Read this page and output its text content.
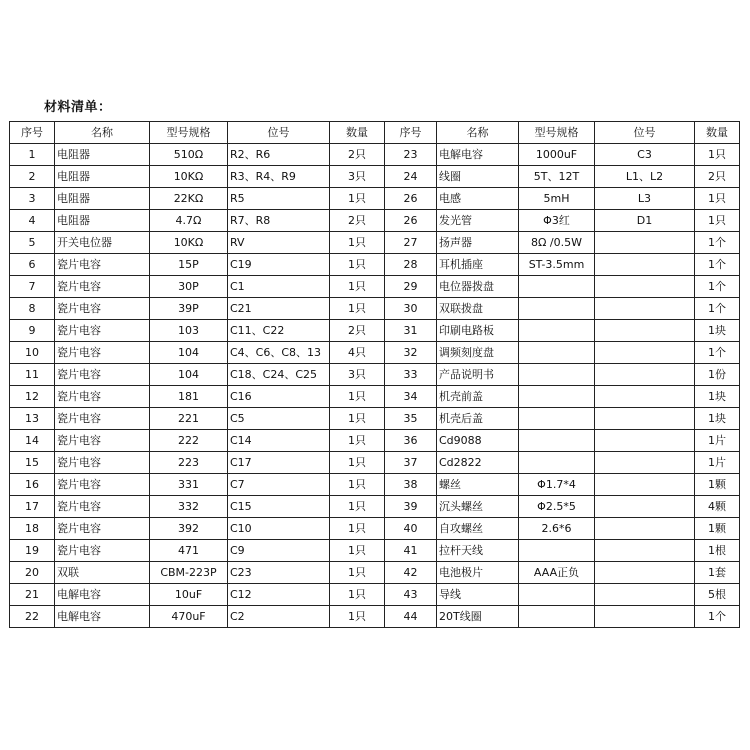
材料清单：
序号	名称	型号规格	位号	数量	序号	名称	型号规格	位号	数量
1	电阻器	510Ω	R2、R6	2只	23	电解电容	1000uF	C3	1只
2	电阻器	10KΩ	R3、R4、R9	3只	24	线圈	5T、12T	L1、L2	2只
3	电阻器	22KΩ	R5	1只	26	电感	5mH	L3	1只
4	电阻器	4.7Ω	R7、R8	2只	26	发光管	Φ3红	D1	1只
5	开关电位器	10KΩ	RV	1只	27	扬声器	8Ω /0.5W		1个
6	瓷片电容	15P	C19	1只	28	耳机插座	ST-3.5mm		1个
7	瓷片电容	30P	C1	1只	29	电位器拨盘			1个
8	瓷片电容	39P	C21	1只	30	双联拨盘			1个
9	瓷片电容	103	C11、C22	2只	31	印刷电路板			1块
10	瓷片电容	104	C4、C6、C8、13	4只	32	调频刻度盘			1个
11	瓷片电容	104	C18、C24、C25	3只	33	产品说明书			1份
12	瓷片电容	181	C16	1只	34	机壳前盖			1块
13	瓷片电容	221	C5	1只	35	机壳后盖			1块
14	瓷片电容	222	C14	1只	36	Cd9088			1片
15	瓷片电容	223	C17	1只	37	Cd2822			1片
16	瓷片电容	331	C7	1只	38	螺丝	Φ1.7*4		1颗
17	瓷片电容	332	C15	1只	39	沉头螺丝	Φ2.5*5		4颗
18	瓷片电容	392	C10	1只	40	自攻螺丝	2.6*6		1颗
19	瓷片电容	471	C9	1只	41	拉杆天线			1根
20	双联	CBM-223P	C23	1只	42	电池极片	AAA正负		1套
21	电解电容	10uF	C12	1只	43	导线			5根
22	电解电容	470uF	C2	1只	44	20T线圈			1个
